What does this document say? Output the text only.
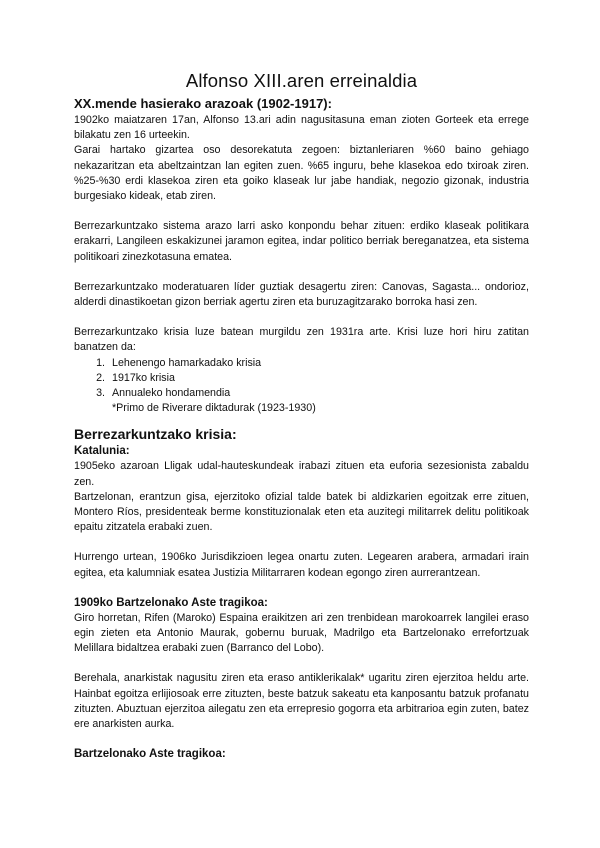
Alfonso XIII.aren erreinaldia
XX.mende hasierako arazoak (1902-1917):

1902ko maiatzaren 17an, Alfonso 13.ari adin nagusitasuna eman zioten Gorteek eta errege bilakatu zen 16 urteekin.

Garai hartako gizartea oso desorekatuta zegoen: biztanleriaren %60 baino gehiago nekazaritzan eta abeltzaintzan lan egiten zuen. %65 inguru, behe klasekoa edo txiroak ziren. %25-%30 erdi klasekoa ziren eta goiko klaseak lur jabe handiak, negozio gizonak, industria burgesiako kideak, etab ziren.

Berrezarkuntzako sistema arazo larri asko konpondu behar zituen: erdiko klaseak politikara erakarri, Langileen eskakizunei jaramon egitea, indar politico berriak bereganatzea, eta sistema politikoari zinezkotasuna ematea.

Berrezarkuntzako moderatuaren líder guztiak desagertu ziren: Canovas, Sagasta... ondorioz, alderdi dinastikoetan gizon berriak agertu ziren eta buruzagitzarako borroka hasi zen.

Berrezarkuntzako krisia luze batean murgildu zen 1931ra arte. Krisi luze hori hiru zatitan banatzen da:

1. Lehenengo hamarkadako krisia
2. 1917ko krisia
3. Annualeko hondamendia
*Primo de Riverare diktadurak (1923-1930)
Berrezarkuntzako krisia:
Katalunia:

1905eko azaroan Lligak udal-hauteskundeak irabazi zituen eta euforia sezesionista zabaldu zen.

Bartzelonan, erantzun gisa, ejerzitoko ofizial talde batek bi aldizkarien egoitzak erre zituen, Montero Ríos, presidenteak berme konstituzionalak eten eta auzitegi militarrek delitu politikoak epaitu zitzatela erabaki zuen.

Hurrengo urtean, 1906ko Jurisdikzioen legea onartu zuten. Legearen arabera, armadari irain egitea, eta kalumniak esatea Justizia Militarraren kodean egongo ziren aurrerantzean.

1909ko Bartzelonako Aste tragikoa:

Giro horretan, Rifen (Maroko) Espaina eraikitzen ari zen trenbidean marokoarrek langilei eraso egin zieten eta Antonio Maurak, gobernu buruak, Madrilgo eta Bartzelonako errefortzuak Melillara bidaltzea erabaki zuen (Barranco del Lobo).

Berehala, anarkistak nagusitu ziren eta eraso antiklerikalak* ugaritu ziren ejerzitoa heldu arte. Hainbat egoitza erlijiosoak erre zituzten, beste batzuk sakeatu eta kanposantu batzuk profanatu zituzten. Abuztuan ejerzitoa ailegatu zen eta errepresio gogorra eta arbitrarioa egin zuten, batez ere anarkisten aurka.

Bartzelonako Aste tragikoa:
